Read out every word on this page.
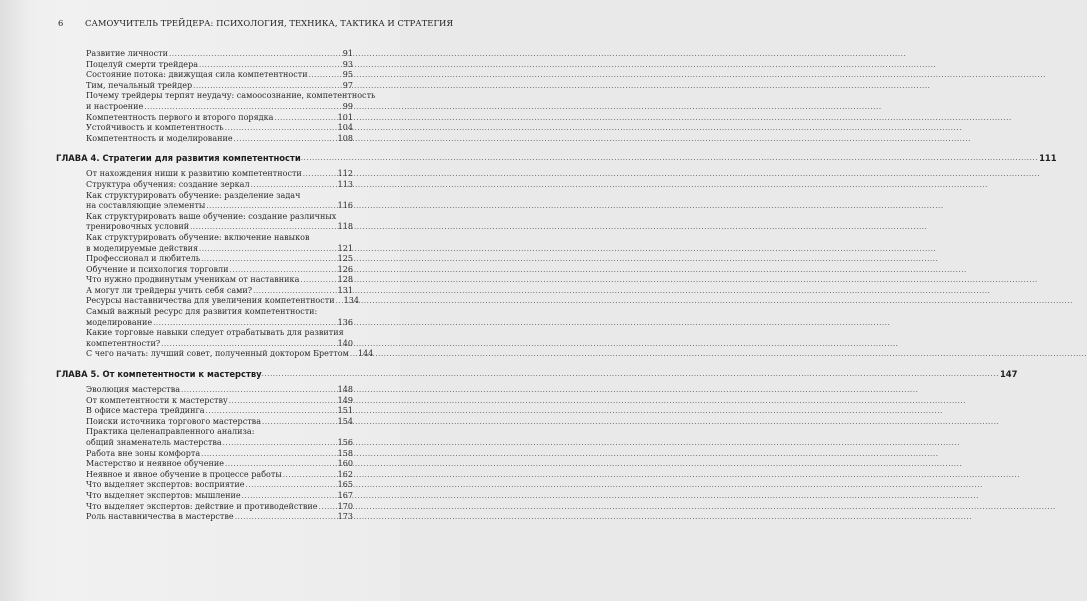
6	САМОУЧИТЕЛЬ ТРЕЙДЕРА: ПСИХОЛОГИЯ, ТЕХНИКА, ТАКТИКА И СТРАТЕГИЯ
Развитие личности .....	91
Поцелуй смерти трейдера .....	93
Состояние потока: движущая сила компетентности .....	95
Тим, печальный трейдер .....	97
Почему трейдеры терпят неудачу: самоосознание, компетентность
и настроение .....	99
Компетентность первого и второго порядка .....	101
Устойчивость и компетентность .....	104
Компетентность и моделирование .....	108
ГЛАВА 4. Стратегии для развития компетентности .....	111
От нахождения ниши к развитию компетентности .....	112
Структура обучения: создание зеркал .....	113
Как структурировать обучение: разделение задач
на составляющие элементы .....	116
Как структурировать ваше обучение: создание различных
тренировочных условий .....	118
Как структурировать обучение: включение навыков
в моделируемые действия .....	121
Профессионал и любитель .....	125
Обучение и психология торговли .....	126
Что нужно продвинутым ученикам от наставника .....	128
А могут ли трейдеры учить себя сами? .....	131
Ресурсы наставничества для увеличения компетентности ..... 134
Самый важный ресурс для развития компетентности:
моделирование .....	136
Какие торговые навыки следует отрабатывать для развития
компетентности? .....	140
С чего начать: лучший совет, полученный доктором Бреттом ..... 144
ГЛАВА 5. От компетентности к мастерству .....	147
Эволюция мастерства .....	148
От компетентности к мастерству .....	149
В офисе мастера трейдинга .....	151
Поиски источника торгового мастерства .....	154
Практика целенаправленного анализа:
общий знаменатель мастерства .....	156
Работа вне зоны комфорта .....	158
Мастерство и неявное обучение .....	160
Неявное и явное обучение в процессе работы .....	162
Что выделяет экспертов: восприятие .....	165
Что выделяет экспертов: мышление .....	167
Что выделяет экспертов: действие и противодействие ..... 170
Роль наставничества в мастерстве .....	173
